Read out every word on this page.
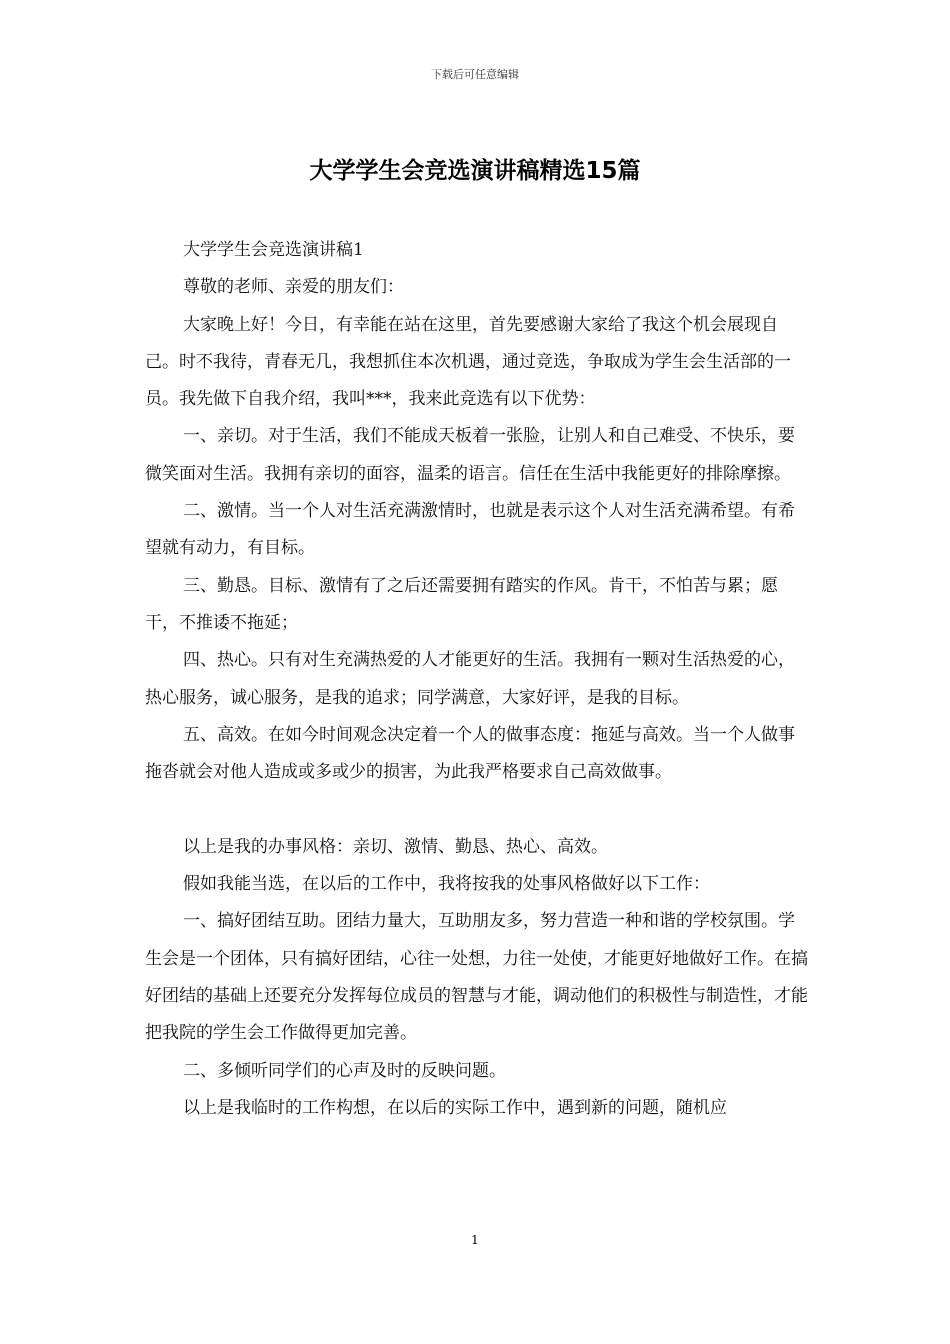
下载后可任意编辑
大学学生会竞选演讲稿精选15篇

大学学生会竞选演讲稿1

尊敬的老师、亲爱的朋友们：

大家晚上好！今日，有幸能在站在这里，首先要感谢大家给了我这个机会展现自己。时不我待，青春无几，我想抓住本次机遇，通过竞选，争取成为学生会生活部的一员。我先做下自我介绍，我叫***，我来此竞选有以下优势：

一、亲切。对于生活，我们不能成天板着一张脸，让别人和自己难受、不快乐，要微笑面对生活。我拥有亲切的面容，温柔的语言。信任在生活中我能更好的排除摩擦。

二、激情。当一个人对生活充满激情时，也就是表示这个人对生活充满希望。有希望就有动力，有目标。

三、勤恳。目标、激情有了之后还需要拥有踏实的作风。肯干，不怕苦与累；愿干，不推诿不拖延；

四、热心。只有对生充满热爱的人才能更好的生活。我拥有一颗对生活热爱的心，热心服务，诚心服务，是我的追求；同学满意，大家好评，是我的目标。

五、高效。在如今时间观念决定着一个人的做事态度：拖延与高效。当一个人做事拖沓就会对他人造成或多或少的损害，为此我严格要求自己高效做事。

以上是我的办事风格：亲切、激情、勤恳、热心、高效。

假如我能当选，在以后的工作中，我将按我的处事风格做好以下工作：

一、搞好团结互助。团结力量大，互助朋友多，努力营造一种和谐的学校氛围。学生会是一个团体，只有搞好团结，心往一处想，力往一处使，才能更好地做好工作。在搞好团结的基础上还要充分发挥每位成员的智慧与才能，调动他们的积极性与制造性，才能把我院的学生会工作做得更加完善。

二、多倾听同学们的心声及时的反映问题。

以上是我临时的工作构想，在以后的实际工作中，遇到新的问题，随机应

1
